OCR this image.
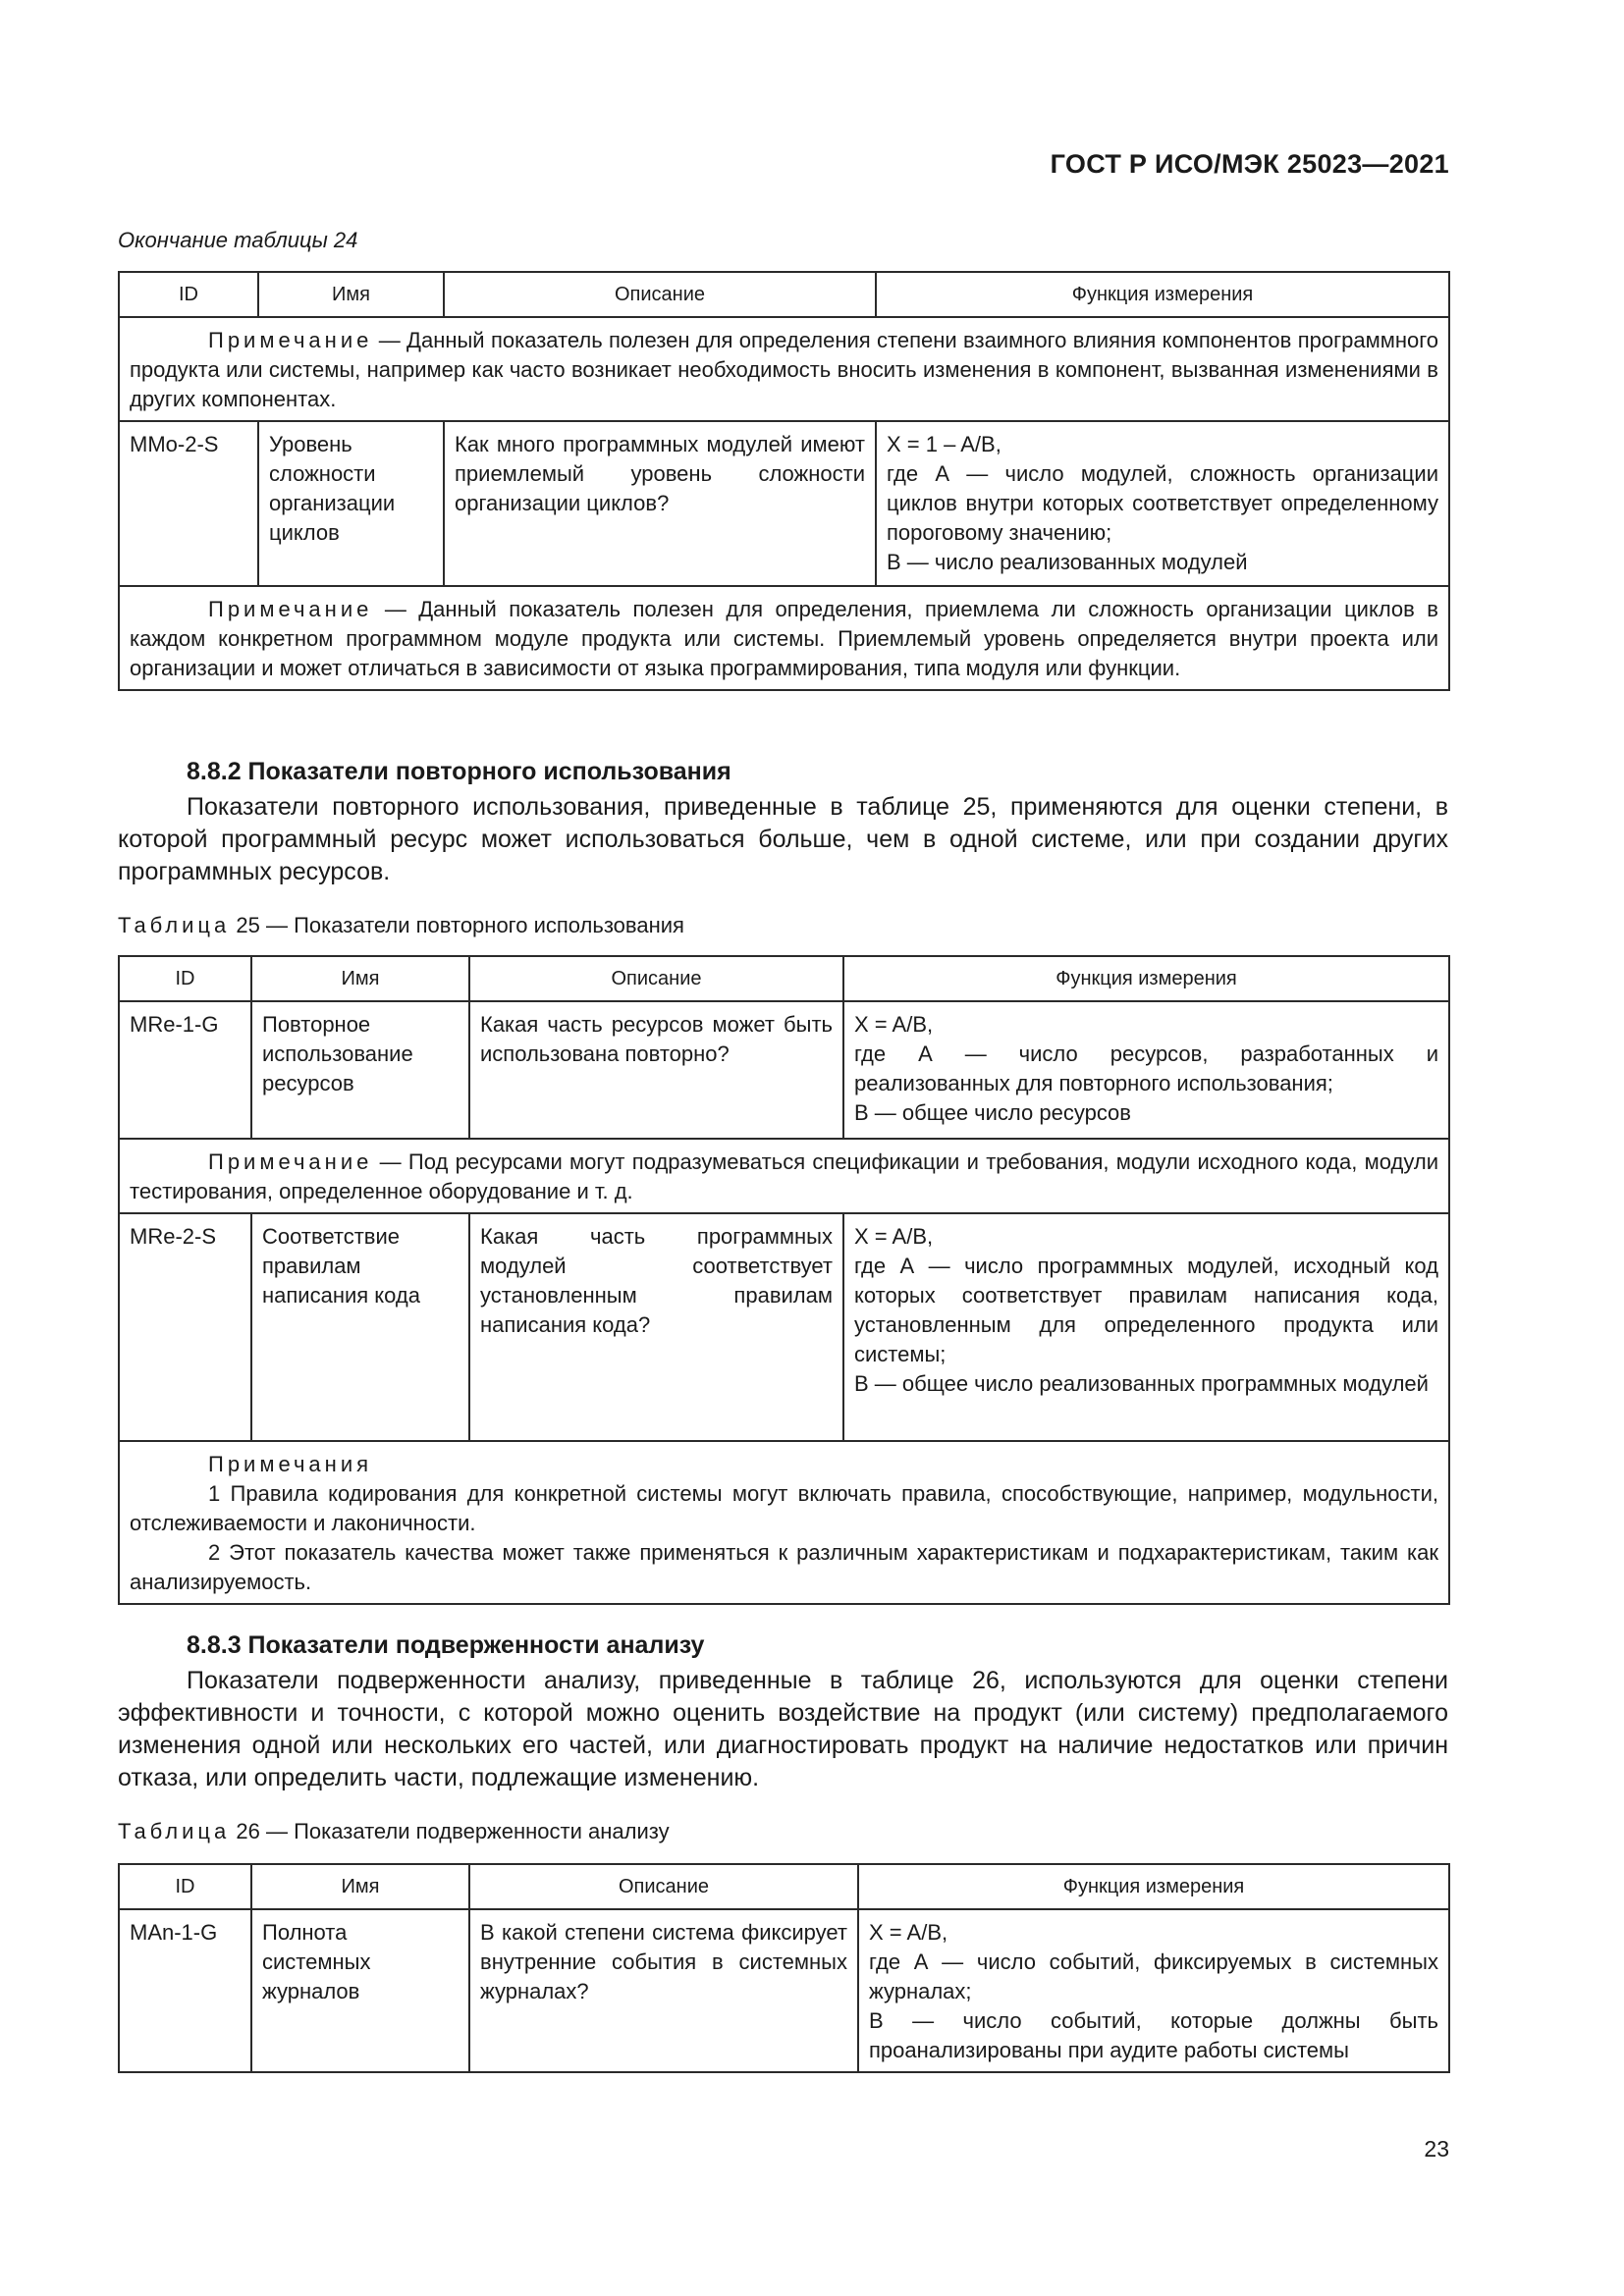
ГОСТ Р ИСО/МЭК 25023—2021
Окончание таблицы 24
ID	Имя	Описание	Функция измерения

Примечание — Данный показатель полезен для определения степени взаимного влияния компонентов программного продукта или системы, например как часто возникает необходимость вносить изменения в компонент, вызванная изменениями в других компонентах.			

MMo-2-S	Уровень сложности организации циклов	Как много программных модулей имеют приемлемый уровень сложности организации циклов?	X = 1 – A/B,
где А — число модулей, сложность организации циклов внутри которых соответствует определенному пороговому значению;
В — число реализованных модулей

Примечание — Данный показатель полезен для определения, приемлема ли сложность организации циклов в каждом конкретном программном модуле продукта или системы. Приемлемый уровень определяется внутри проекта или организации и может отличаться в зависимости от языка программирования, типа модуля или функции.			
8.8.2 Показатели повторного использования
Показатели повторного использования, приведенные в таблице 25, применяются для оценки степени, в которой программный ресурс может использоваться больше, чем в одной системе, или при создании других программных ресурсов.
Таблица 25 — Показатели повторного использования
ID	Имя	Описание	Функция измерения
MRe-1-G	Повторное использование ресурсов	Какая часть ресурсов может быть использована повторно?	X = A/B,
где А — число ресурсов, разработанных и реализованных для повторного использования;
В — общее число ресурсов

Примечание — Под ресурсами могут подразумеваться спецификации и требования, модули исходного кода, модули тестирования, определенное оборудование и т. д.			

MRe-2-S	Соответствие правилам написания кода	Какая часть программных модулей соответствует установленным правилам написания кода?	X = A/B,
где А — число программных модулей, исходный код которых соответствует правилам написания кода, установленным для определенного продукта или системы;
В — общее число реализованных программных модулей

Примечания
1 Правила кодирования для конкретной системы могут включать правила, способствующие, например, модульности, отслеживаемости и лаконичности.
2 Этот показатель качества может также применяться к различным характеристикам и подхарактеристикам, таким как анализируемость.			
8.8.3 Показатели подверженности анализу
Показатели подверженности анализу, приведенные в таблице 26, используются для оценки степени эффективности и точности, с которой можно оценить воздействие на продукт (или систему) предполагаемого изменения одной или нескольких его частей, или диагностировать продукт на наличие недостатков или причин отказа, или определить части, подлежащие изменению.
Таблица 26 — Показатели подверженности анализу
ID	Имя	Описание	Функция измерения
MAn-1-G	Полнота системных журналов	В какой степени система фиксирует внутренние события в системных журналах?	X = A/B,
где А — число событий, фиксируемых в системных журналах;
В — число событий, которые должны быть проанализированы при аудите работы системы
23
